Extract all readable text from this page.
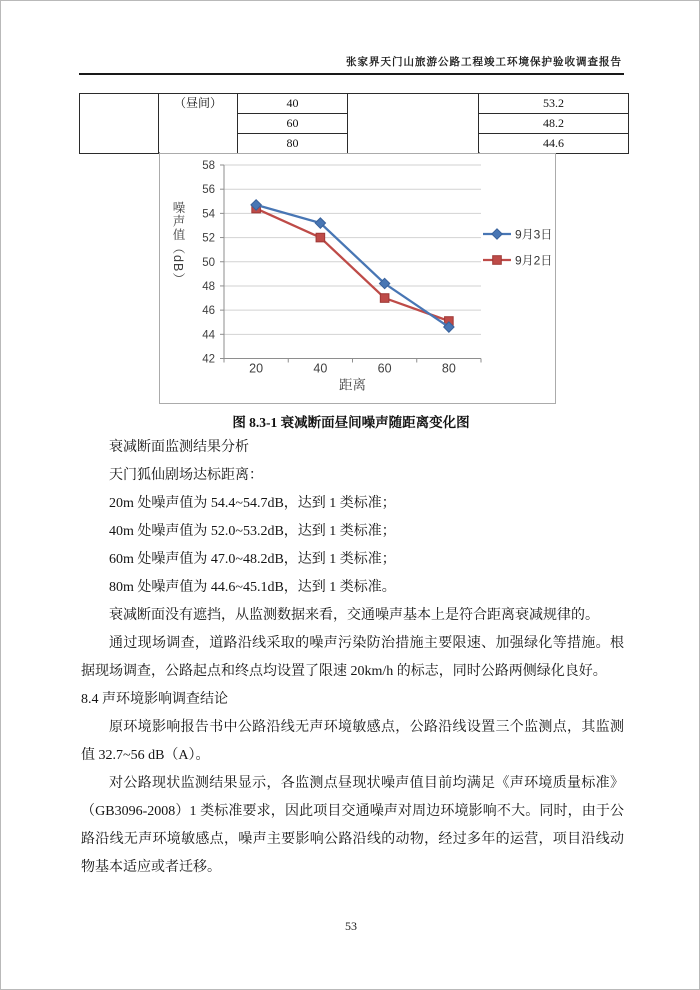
张家界天门山旅游公路工程竣工环境保护验收调查报告
	（昼间）	40		53.2
		60		48.2
		80		44.6
42
44
46
48
50
52
54
56
58
20	40	60	80
距离
噪声值（dB）	9月3日
9月2日
图 8.3-1 衰减断面昼间噪声随距离变化图

衰减断面监测结果分析

天门狐仙剧场达标距离：

20m 处噪声值为 54.4~54.7dB，达到 1 类标准；

40m 处噪声值为 52.0~53.2dB，达到 1 类标准；

60m 处噪声值为 47.0~48.2dB，达到 1 类标准；

80m 处噪声值为 44.6~45.1dB，达到 1 类标准。

衰减断面没有遮挡，从监测数据来看，交通噪声基本上是符合距离衰减规律的。

通过现场调查，道路沿线采取的噪声污染防治措施主要限速、加强绿化等措施。根据现场调查，公路起点和终点均设置了限速 20km/h 的标志，同时公路两侧绿化良好。

8.4 声环境影响调查结论

原环境影响报告书中公路沿线无声环境敏感点，公路沿线设置三个监测点，其监测值 32.7~56 dB（A）。

对公路现状监测结果显示，各监测点昼现状噪声值目前均满足《声环境质量标准》（GB3096-2008）1 类标准要求，因此项目交通噪声对周边环境影响不大。同时，由于公路沿线无声环境敏感点，噪声主要影响公路沿线的动物，经过多年的运营，项目沿线动物基本适应或者迁移。

53
